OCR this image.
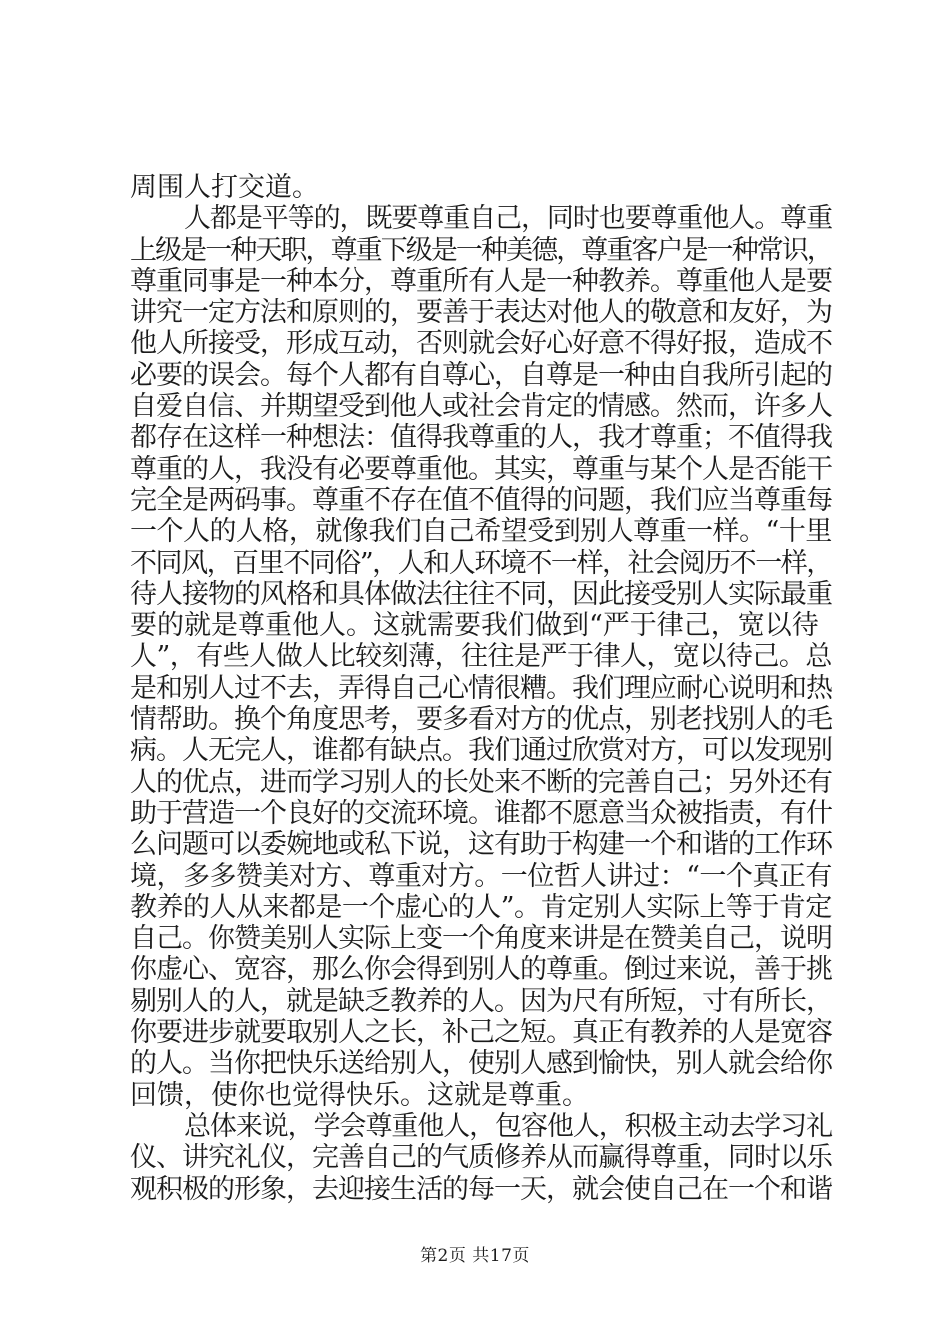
周围人打交道。
人都是平等的，既要尊重自己，同时也要尊重他人。尊重
上级是一种天职，尊重下级是一种美德，尊重客户是一种常识，
尊重同事是一种本分，尊重所有人是一种教养。尊重他人是要
讲究一定方法和原则的，要善于表达对他人的敬意和友好，为
他人所接受，形成互动，否则就会好心好意不得好报，造成不
必要的误会。每个人都有自尊心，自尊是一种由自我所引起的
自爱自信、并期望受到他人或社会肯定的情感。然而，许多人
都存在这样一种想法：值得我尊重的人，我才尊重；不值得我
尊重的人，我没有必要尊重他。其实，尊重与某个人是否能干
完全是两码事。尊重不存在值不值得的问题，我们应当尊重每
一个人的人格，就像我们自己希望受到别人尊重一样。“十里
不同风，百里不同俗”，人和人环境不一样，社会阅历不一样，
待人接物的风格和具体做法往往不同，因此接受别人实际最重
要的就是尊重他人。这就需要我们做到“严于律己，宽以待
人”，有些人做人比较刻薄，往往是严于律人，宽以待己。总
是和别人过不去，弄得自己心情很糟。我们理应耐心说明和热
情帮助。换个角度思考，要多看对方的优点，别老找别人的毛
病。人无完人，谁都有缺点。我们通过欣赏对方，可以发现别
人的优点，进而学习别人的长处来不断的完善自己；另外还有
助于营造一个良好的交流环境。谁都不愿意当众被指责，有什
么问题可以委婉地或私下说，这有助于构建一个和谐的工作环
境，多多赞美对方、尊重对方。一位哲人讲过：“一个真正有
教养的人从来都是一个虚心的人”。肯定别人实际上等于肯定
自己。你赞美别人实际上变一个角度来讲是在赞美自己，说明
你虚心、宽容，那么你会得到别人的尊重。倒过来说，善于挑
剔别人的人，就是缺乏教养的人。因为尺有所短，寸有所长，
你要进步就要取别人之长，补己之短。真正有教养的人是宽容
的人。当你把快乐送给别人，使别人感到愉快，别人就会给你
回馈，使你也觉得快乐。这就是尊重。
总体来说，学会尊重他人，包容他人，积极主动去学习礼
仪、讲究礼仪，完善自己的气质修养从而赢得尊重，同时以乐
观积极的形象，去迎接生活的每一天，就会使自己在一个和谐
第2页 共17页
